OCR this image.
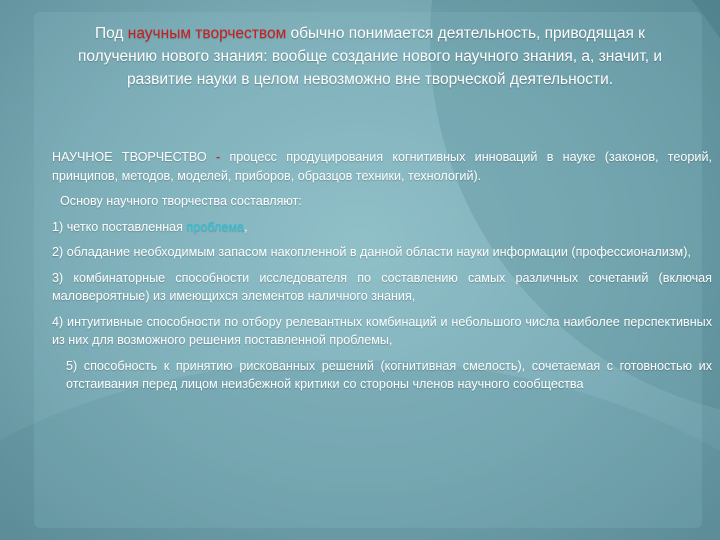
Под научным творчеством обычно понимается деятельность, приводящая к получению нового знания: вообще создание нового научного знания, а, значит, и развитие науки в целом невозможно вне творческой деятельности.

НАУЧНОЕ ТВОРЧЕСТВО - процесс продуцирования когнитивных инноваций в науке (законов, теорий, принципов, методов, моделей, приборов, образцов техники, технологий).

Основу научного творчества составляют:

1) четко поставленная проблема,

2) обладание необходимым запасом накопленной в данной области науки информации (профессионализм),

3) комбинаторные способности исследователя по составлению самых различных сочетаний (включая маловероятные) из имеющихся элементов наличного знания,

4) интуитивные способности по отбору релевантных комбинаций и небольшого числа наиболее перспективных из них для возможного решения поставленной проблемы,

5) способность к принятию рискованных решений (когнитивная смелость), сочетаемая с готовностью их отстаивания перед лицом неизбежной критики со стороны членов научного сообщества
